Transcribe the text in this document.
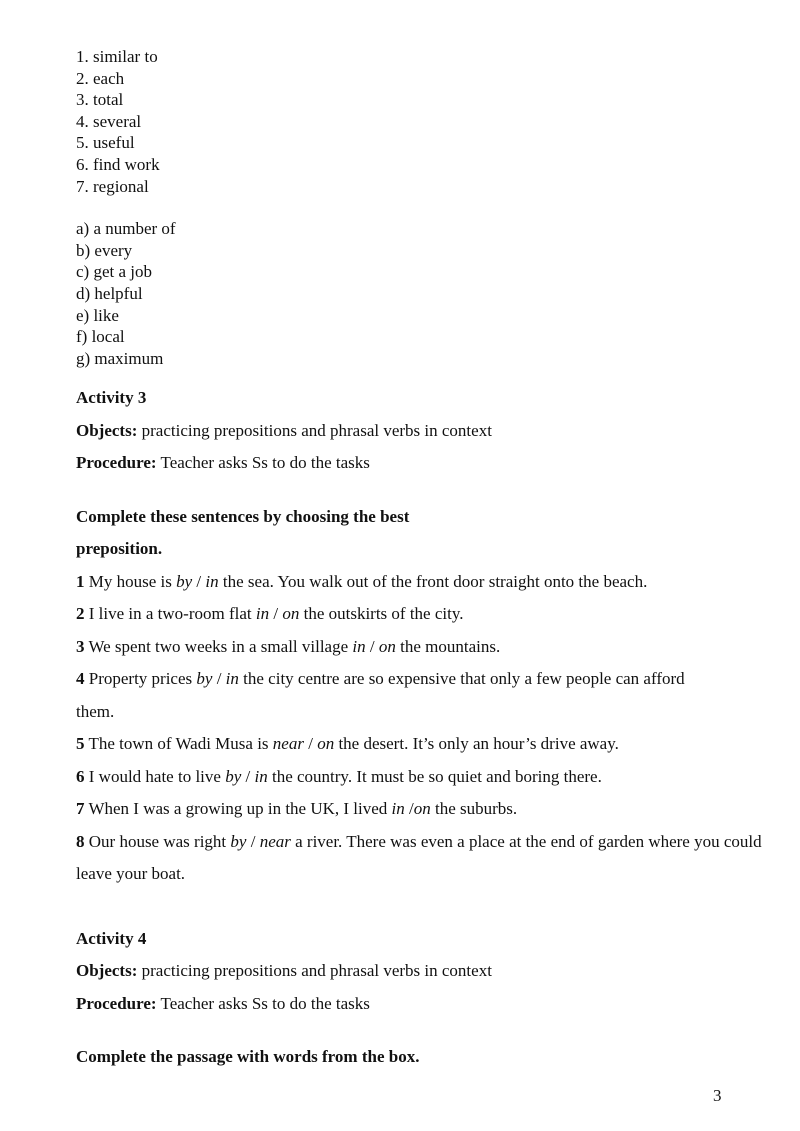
1. similar to
2. each
3. total
4. several
5. useful
6. find work
7. regional
a) a number of
b) every
c) get a job
d) helpful
e) like
f) local
g) maximum
Activity 3
Objects: practicing prepositions and phrasal verbs in context
Procedure: Teacher asks Ss to do the tasks
Complete these sentences by choosing the best
preposition.
1 My house is by / in the sea. You walk out of the front door straight onto the beach.
2 I live in a two-room flat in / on the outskirts of the city.
3 We spent two weeks in a small village in / on the mountains.
4 Property prices by / in the city centre are so expensive that only a few people can afford them.
5 The town of Wadi Musa is near / on the desert. It’s only an hour’s drive away.
6 I would hate to live by / in the country. It must be so quiet and boring there.
7 When I was a growing up in the UK, I lived in /on the suburbs.
8 Our house was right by / near a river. There was even a place at the end of garden where you could leave your boat.
Activity 4
Objects: practicing prepositions and phrasal verbs in context
Procedure: Teacher asks Ss to do the tasks
Complete the passage with words from the box.
3
